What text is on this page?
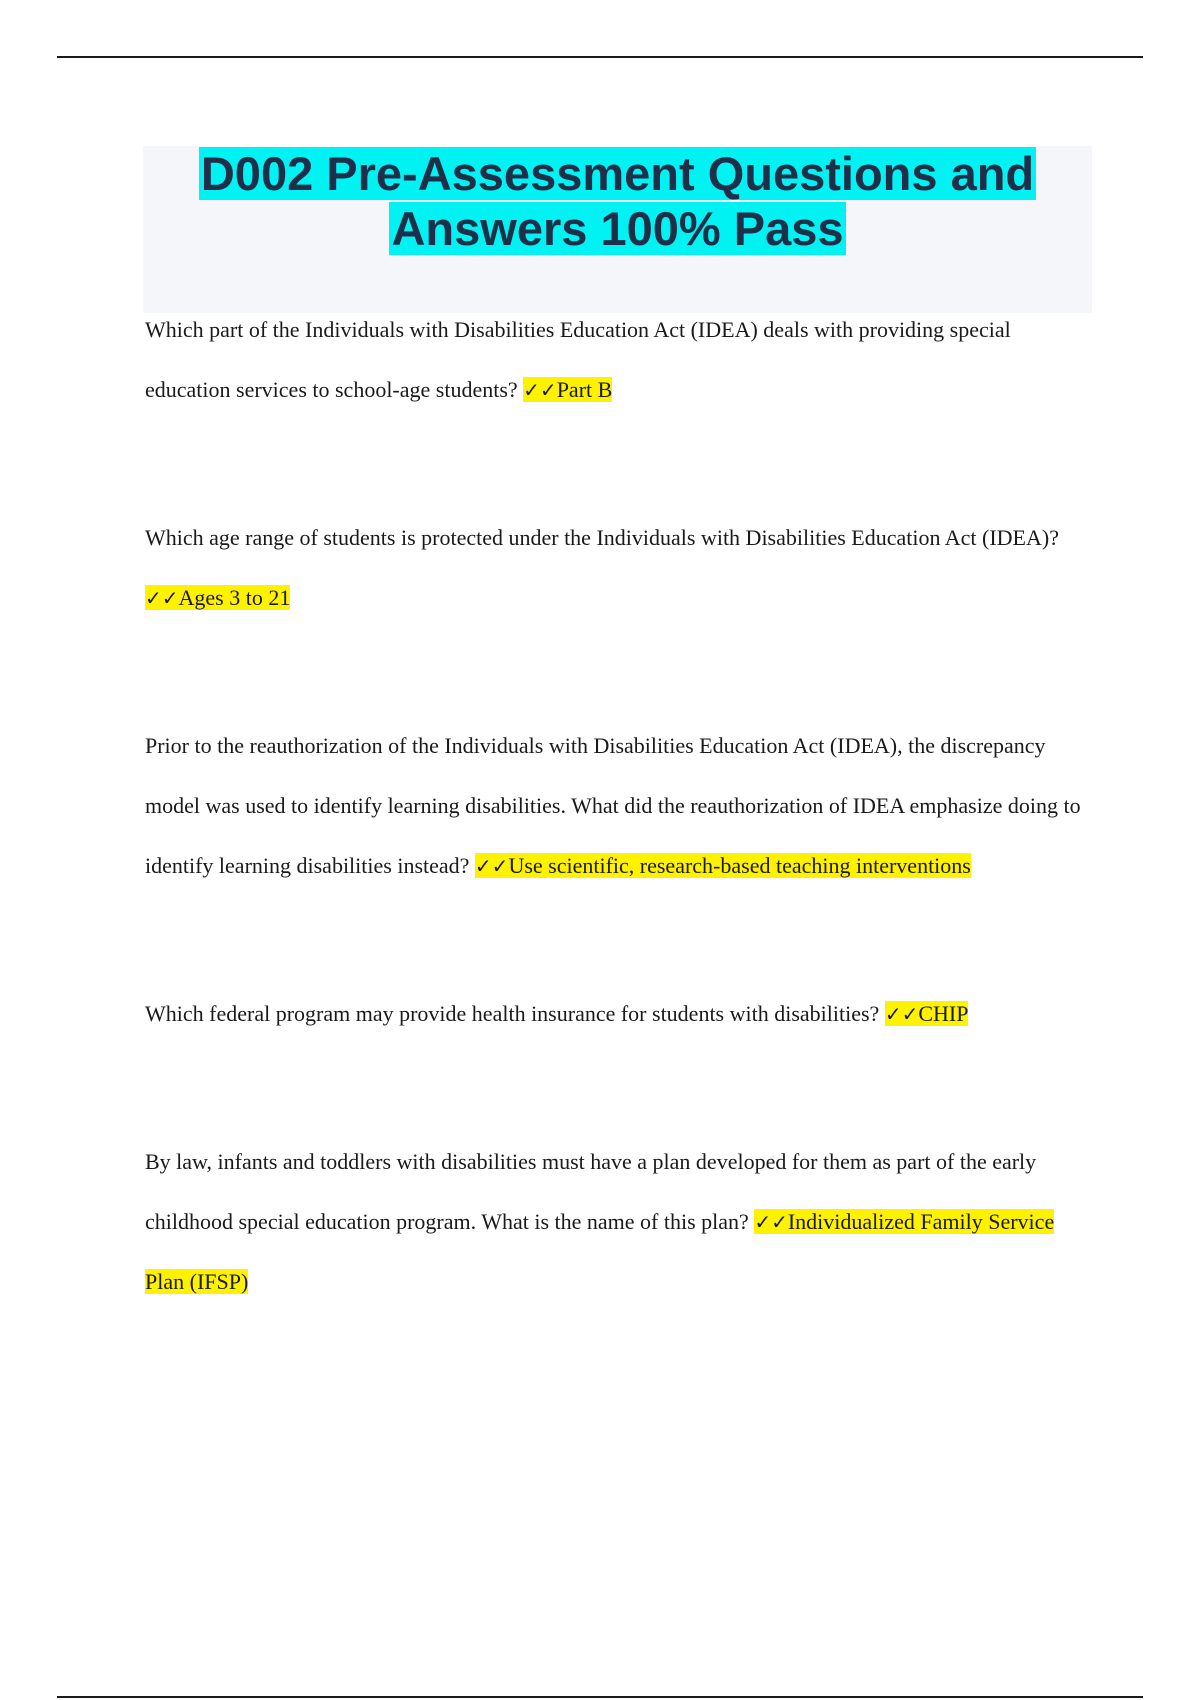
D002 Pre-Assessment Questions and
Answers 100% Pass

Which part of the Individuals with Disabilities Education Act (IDEA) deals with providing special education services to school-age students? ✓✓Part B

Which age range of students is protected under the Individuals with Disabilities Education Act (IDEA)? ✓✓Ages 3 to 21

Prior to the reauthorization of the Individuals with Disabilities Education Act (IDEA), the discrepancy model was used to identify learning disabilities. What did the reauthorization of IDEA emphasize doing to identify learning disabilities instead? ✓✓Use scientific, research-based teaching interventions

Which federal program may provide health insurance for students with disabilities? ✓✓CHIP

By law, infants and toddlers with disabilities must have a plan developed for them as part of the early childhood special education program. What is the name of this plan? ✓✓Individualized Family Service Plan (IFSP)
